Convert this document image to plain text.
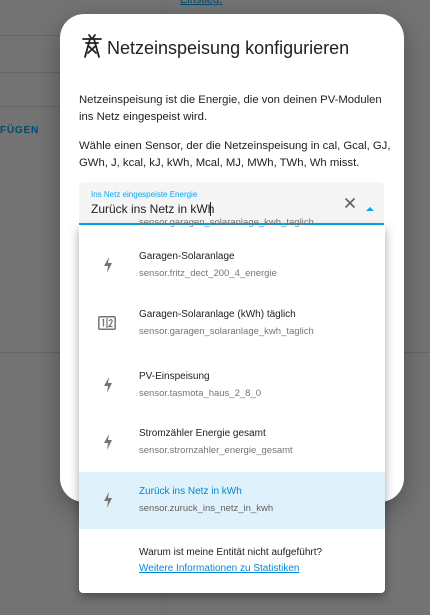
Netzeinspeisung konfigurieren

Netzeinspeisung ist die Energie, die von deinen PV-Modulen ins Netz eingespeist wird.

Wähle einen Sensor, der die Netzeinspeisung in cal, Gcal, GJ, GWh, J, kcal, kJ, kWh, Mcal, MJ, MWh, TWh, Wh misst.

Ins Netz eingespeiste Energie
Zurück ins Netz in kWh
sensor.garagen_solaranlage_kwh_taglich
Garagen-Solaranlage
sensor.fritz_dect_200_4_energie
Garagen-Solaranlage (kWh) täglich
sensor.garagen_solaranlage_kwh_taglich
PV-Einspeisung
sensor.tasmota_haus_2_8_0
Stromzähler Energie gesamt
sensor.stromzahler_energie_gesamt
Zurück ins Netz in kWh
sensor.zuruck_ins_netz_in_kwh
Warum ist meine Entität nicht aufgeführt?
Weitere Informationen zu Statistiken
